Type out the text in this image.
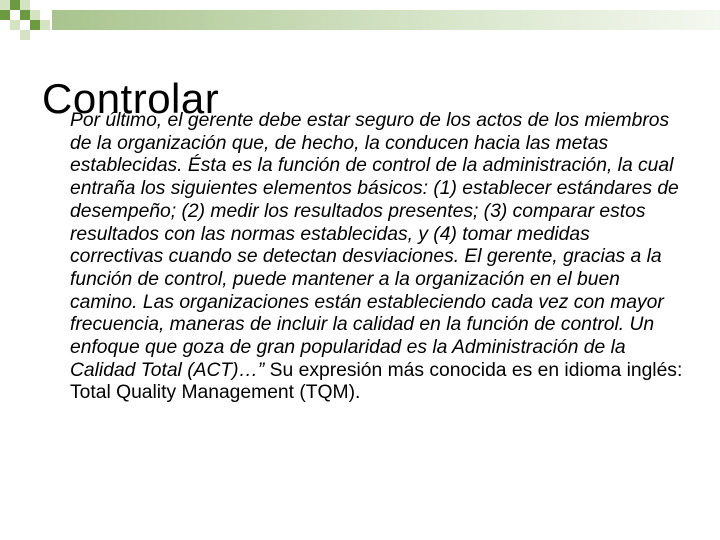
Controlar

Por último, el gerente debe estar seguro de los actos de los miembros de la organización que, de hecho, la conducen hacia las metas establecidas. Ésta es la función de control de la administración, la cual entraña los siguientes elementos básicos: (1) establecer estándares de desempeño; (2) medir los resultados presentes; (3) comparar estos resultados con las normas establecidas, y (4) tomar medidas correctivas cuando se detectan desviaciones. El gerente, gracias a la función de control, puede mantener a la organización en el buen camino. Las organizaciones están estableciendo cada vez con mayor frecuencia, maneras de incluir la calidad en la función de control. Un enfoque que goza de gran popularidad es la Administración de la Calidad Total (ACT)…” Su expresión más conocida es en idioma inglés: Total Quality Management (TQM).
